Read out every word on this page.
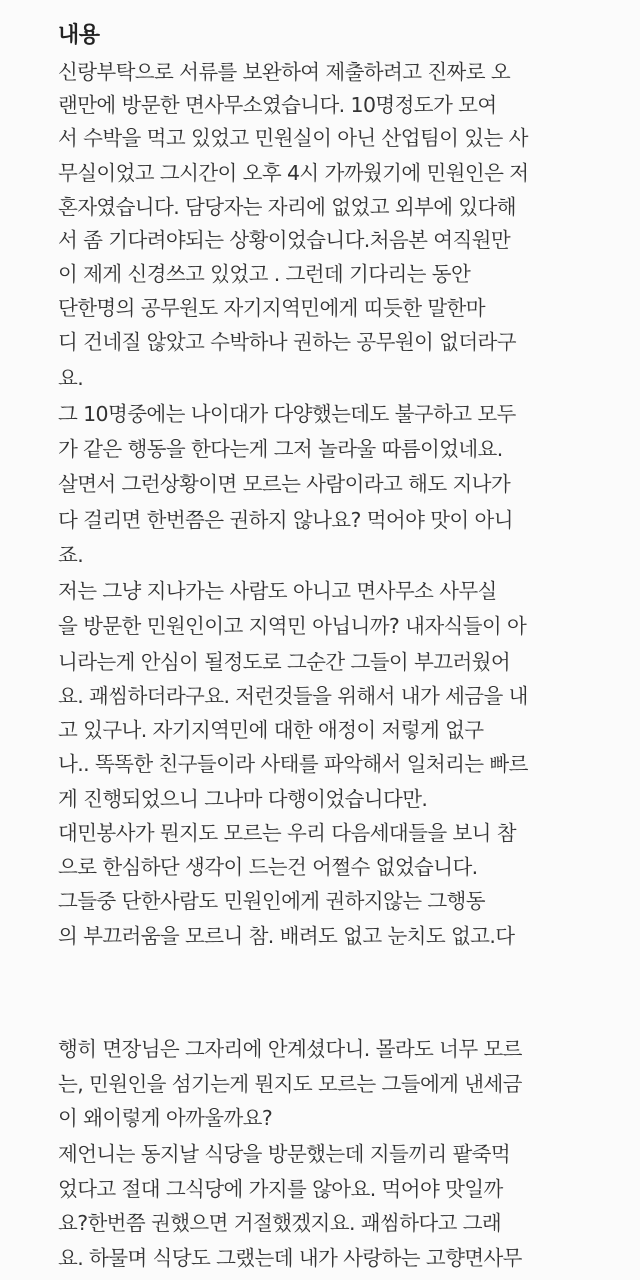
내용
신랑부탁으로 서류를 보완하여 제출하려고 진짜로 오
랜만에 방문한 면사무소였습니다. 10명정도가 모여
서 수박을 먹고 있었고 민원실이 아닌 산업팀이 있는 사
무실이었고 그시간이 오후 4시 가까웠기에 민원인은 저
혼자였습니다. 담당자는 자리에 없었고 외부에 있다해
서 좀 기다려야되는 상황이었습니다.처음본 여직원만
이 제게 신경쓰고 있었고 . 그런데 기다리는 동안
단한명의 공무원도 자기지역민에게 띠듯한 말한마
디 건네질 않았고 수박하나 권하는 공무원이 없더라구
요.
그 10명중에는 나이대가 다양했는데도 불구하고 모두
가 같은 행동을 한다는게 그저 놀라울 따름이었네요.
살면서 그런상황이면 모르는 사람이라고 해도 지나가
다 걸리면 한번쯤은 권하지 않나요? 먹어야 맛이 아니
죠.
저는 그냥 지나가는 사람도 아니고 면사무소 사무실
을 방문한 민원인이고 지역민 아닙니까? 내자식들이 아
니라는게 안심이 될정도로 그순간 그들이 부끄러웠어
요. 괘씸하더라구요. 저런것들을 위해서 내가 세금을 내
고 있구나. 자기지역민에 대한 애정이 저렇게 없구
나.. 똑똑한 친구들이라 사태를 파악해서 일처리는 빠르
게 진행되었으니 그나마 다행이었습니다만.
대민봉사가 뭔지도 모르는 우리 다음세대들을 보니 참
으로 한심하단 생각이 드는건 어쩔수 없었습니다.
그들중 단한사람도 민원인에게 권하지않는 그행동
의 부끄러움을 모르니 참. 배려도 없고 눈치도 없고.다
행히 면장님은 그자리에 안계셨다니. 몰라도 너무 모르
는, 민원인을 섬기는게 뭔지도 모르는 그들에게 낸세금
이 왜이렇게 아까울까요?
제언니는 동지날 식당을 방문했는데 지들끼리 팥죽먹
었다고 절대 그식당에 가지를 않아요. 먹어야 맛일까
요?한번쯤 권했으면 거절했겠지요. 괘씸하다고 그래
요. 하물며 식당도 그랬는데 내가 사랑하는 고향면사무
